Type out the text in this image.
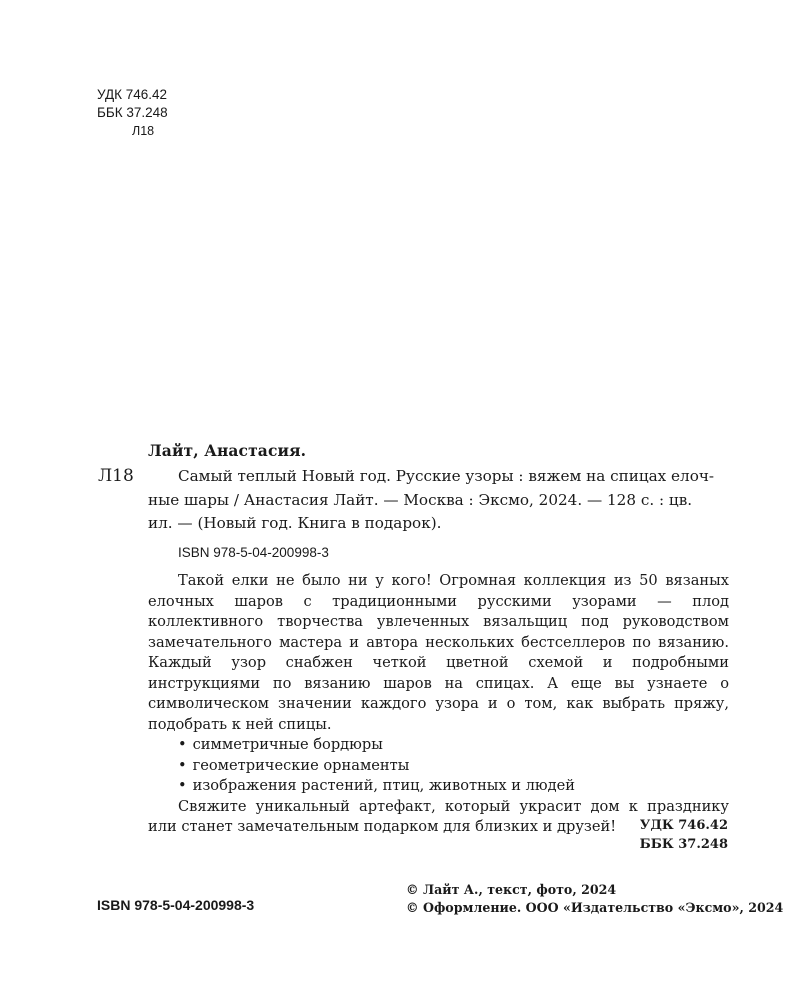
УДК 746.42
ББК 37.248
Л18
Лайт, Анастасия.
Л18	Самый теплый Новый год. Русские узоры : вяжем на спицах елоч-
ные шары / Анастасия Лайт. — Москва : Эксмо, 2024. — 128 с. : цв.
ил. — (Новый год. Книга в подарок).
ISBN 978-5-04-200998-3

Такой елки не было ни у кого! Огромная коллекция из 50 вязаных елочных шаров с традиционными русскими узорами — плод коллективного творчества увлеченных вязальщиц под руководством замечательного мастера и автора нескольких бестселлеров по вязанию. Каждый узор снабжен четкой цветной схемой и подробными инструкциями по вязанию шаров на спицах. А еще вы узнаете о символическом значении каждого узора и о том, как выбрать пряжу, подобрать к ней спицы.

• симметричные бордюры
• геометрические орнаменты
• изображения растений, птиц, животных и людей

Свяжите уникальный артефакт, который украсит дом к празднику или станет замечательным подарком для близких и друзей!	УДК 746.42
ББК 37.248
ISBN 978-5-04-200998-3
© Лайт А., текст, фото, 2024
© Оформление. ООО «Издательство «Эксмо», 2024
